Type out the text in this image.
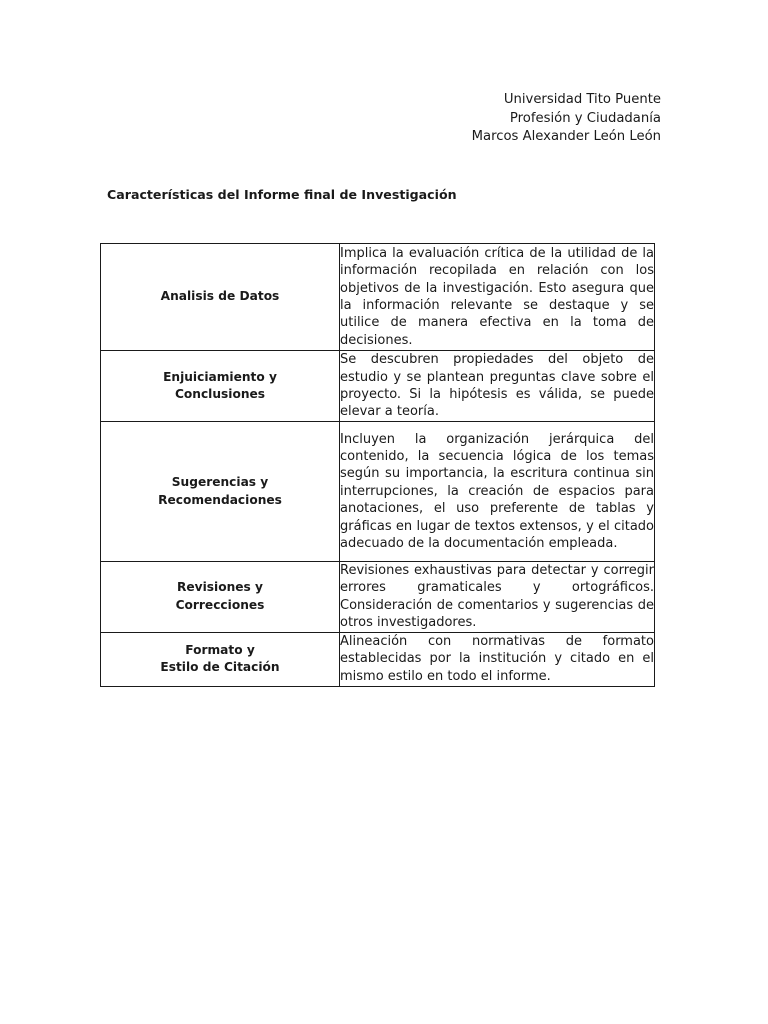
Universidad Tito Puente
Profesión y Ciudadanía
Marcos Alexander León León
Características del Informe final de Investigación
Analisis de Datos	Implica la evaluación crítica de la utilidad de la información recopilada en relación con los objetivos de la investigación. Esto asegura que la información relevante se destaque y se utilice de manera efectiva en la toma de decisiones.

Enjuiciamiento y
Conclusiones	Se descubren propiedades del objeto de estudio y se plantean preguntas clave sobre el proyecto. Si la hipótesis es válida, se puede elevar a teoría.

Sugerencias y
Recomendaciones	Incluyen la organización jerárquica del contenido, la secuencia lógica de los temas según su importancia, la escritura continua sin interrupciones, la creación de espacios para anotaciones, el uso preferente de tablas y gráficas en lugar de textos extensos, y el citado adecuado de la documentación empleada.

Revisiones y
Correcciones	Revisiones exhaustivas para detectar y corregir errores gramaticales y ortográficos. Consideración de comentarios y sugerencias de otros investigadores.

Formato y
Estilo de Citación	Alineación con normativas de formato establecidas por la institución y citado en el mismo estilo en todo el informe.
